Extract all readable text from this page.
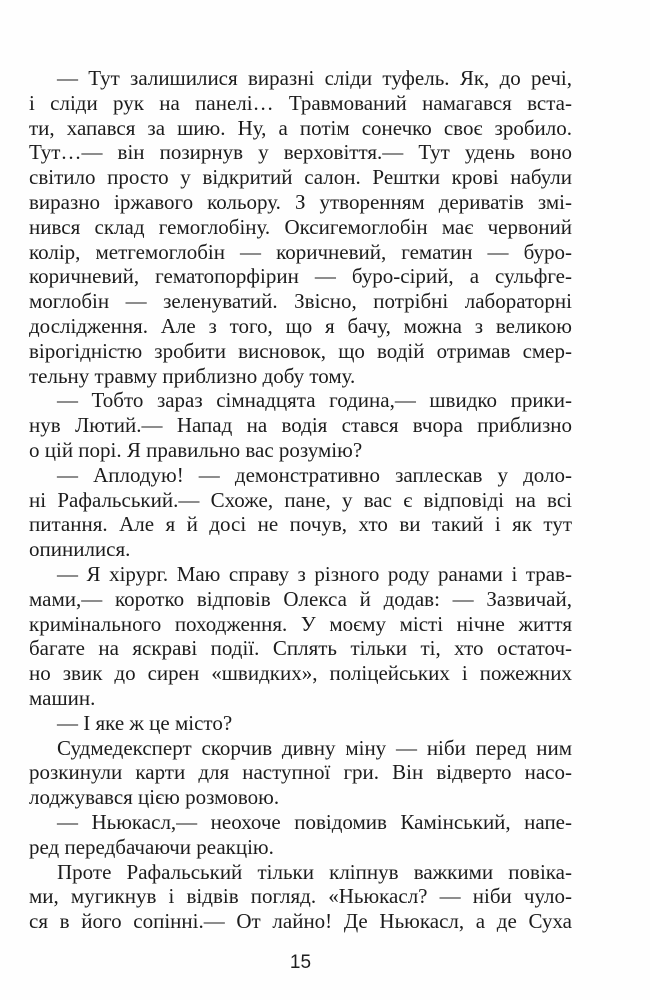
— Тут залишилися виразні сліди туфель. Як, до речі,
і сліди рук на панелі… Травмований намагався вста-
ти, хапався за шию. Ну, а потім сонечко своє зробило.
Тут…— він позирнув у верховіття.— Тут удень воно
світило просто у відкритий салон. Рештки крові набули
виразно іржавого кольору. З утворенням дериватів змі-
нився склад гемоглобіну. Оксигемоглобін має червоний
колір, метгемоглобін — коричневий, гематин — буро-
коричневий, гематопорфірин — буро-сірий, а сульфге-
моглобін — зеленуватий. Звісно, потрібні лабораторні
дослідження. Але з того, що я бачу, можна з великою
вірогідністю зробити висновок, що водій отримав смер-
тельну травму приблизно добу тому.
— Тобто зараз сімнадцята година,— швидко прики-
нув Лютий.— Напад на водія стався вчора приблизно
о цій порі. Я правильно вас розумію?
— Аплодую! — демонстративно заплескав у доло-
ні Рафальський.— Схоже, пане, у вас є відповіді на всі
питання. Але я й досі не почув, хто ви такий і як тут
опинилися.
— Я хірург. Маю справу з різного роду ранами і трав-
мами,— коротко відповів Олекса й додав: — Зазвичай,
кримінального походження. У моєму місті нічне життя
багате на яскраві події. Сплять тільки ті, хто остаточ-
но звик до сирен «швидких», поліцейських і пожежних
машин.
— І яке ж це місто?
Судмедексперт скорчив дивну міну — ніби перед ним
розкинули карти для наступної гри. Він відверто насо-
лоджувався цією розмовою.
— Ньюкасл,— неохоче повідомив Камінський, напе-
ред передбачаючи реакцію.
Проте Рафальський тільки кліпнув важкими повіка-
ми, мугикнув і відвів погляд. «Ньюкасл? — ніби чуло-
ся в його сопінні.— От лайно! Де Ньюкасл, а де Суха
15
